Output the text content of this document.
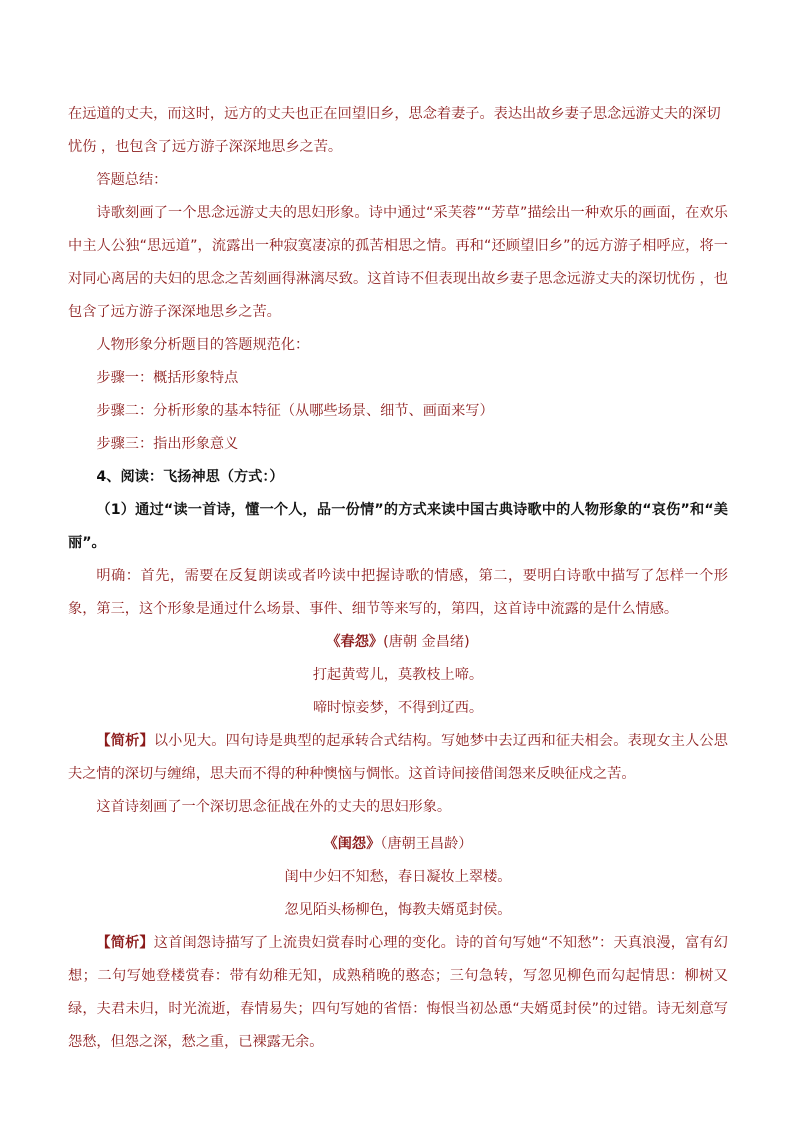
在远道的丈夫，而这时，远方的丈夫也正在回望旧乡，思念着妻子。表达出故乡妻子思念远游丈夫的深切

忧伤 ，也包含了远方游子深深地思乡之苦。

答题总结：

诗歌刻画了一个思念远游丈夫的思妇形象。诗中通过“采芙蓉”“芳草”描绘出一种欢乐的画面，在欢乐中主人公独“思远道”，流露出一种寂寞凄凉的孤苦相思之情。再和“还顾望旧乡”的远方游子相呼应，将一对同心离居的夫妇的思念之苦刻画得淋漓尽致。这首诗不但表现出故乡妻子思念远游丈夫的深切忧伤 ，也包含了远方游子深深地思乡之苦。

人物形象分析题目的答题规范化：

步骤一：概括形象特点

步骤二：分析形象的基本特征（从哪些场景、细节、画面来写）

步骤三：指出形象意义

4、阅读：飞扬神思（方式：）

（1）通过“读一首诗，懂一个人，品一份情”的方式来读中国古典诗歌中的人物形象的“哀伤”和“美丽”。

明确：首先，需要在反复朗读或者吟读中把握诗歌的情感，第二，要明白诗歌中描写了怎样一个形象，第三，这个形象是通过什么场景、事件、细节等来写的，第四，这首诗中流露的是什么情感。

《春怨》(唐朝 金昌绪)

打起黄莺儿，莫教枝上啼。

啼时惊妾梦，不得到辽西。

【简析】以小见大。四句诗是典型的起承转合式结构。写她梦中去辽西和征夫相会。表现女主人公思夫之情的深切与缠绵，思夫而不得的种种懊恼与惆怅。这首诗间接借闺怨来反映征戍之苦。

这首诗刻画了一个深切思念征战在外的丈夫的思妇形象。

《闺怨》（唐朝王昌龄）

闺中少妇不知愁，春日凝妆上翠楼。

忽见陌头杨柳色，悔教夫婿觅封侯。

【简析】这首闺怨诗描写了上流贵妇赏春时心理的变化。诗的首句写她“不知愁”：天真浪漫，富有幻想；二句写她登楼赏春：带有幼稚无知，成熟稍晚的憨态；三句急转，写忽见柳色而勾起情思：柳树又绿，夫君未归，时光流逝，春情易失；四句写她的省悟：悔恨当初怂恿“夫婿觅封侯”的过错。诗无刻意写怨愁，但怨之深，愁之重，已裸露无余。
